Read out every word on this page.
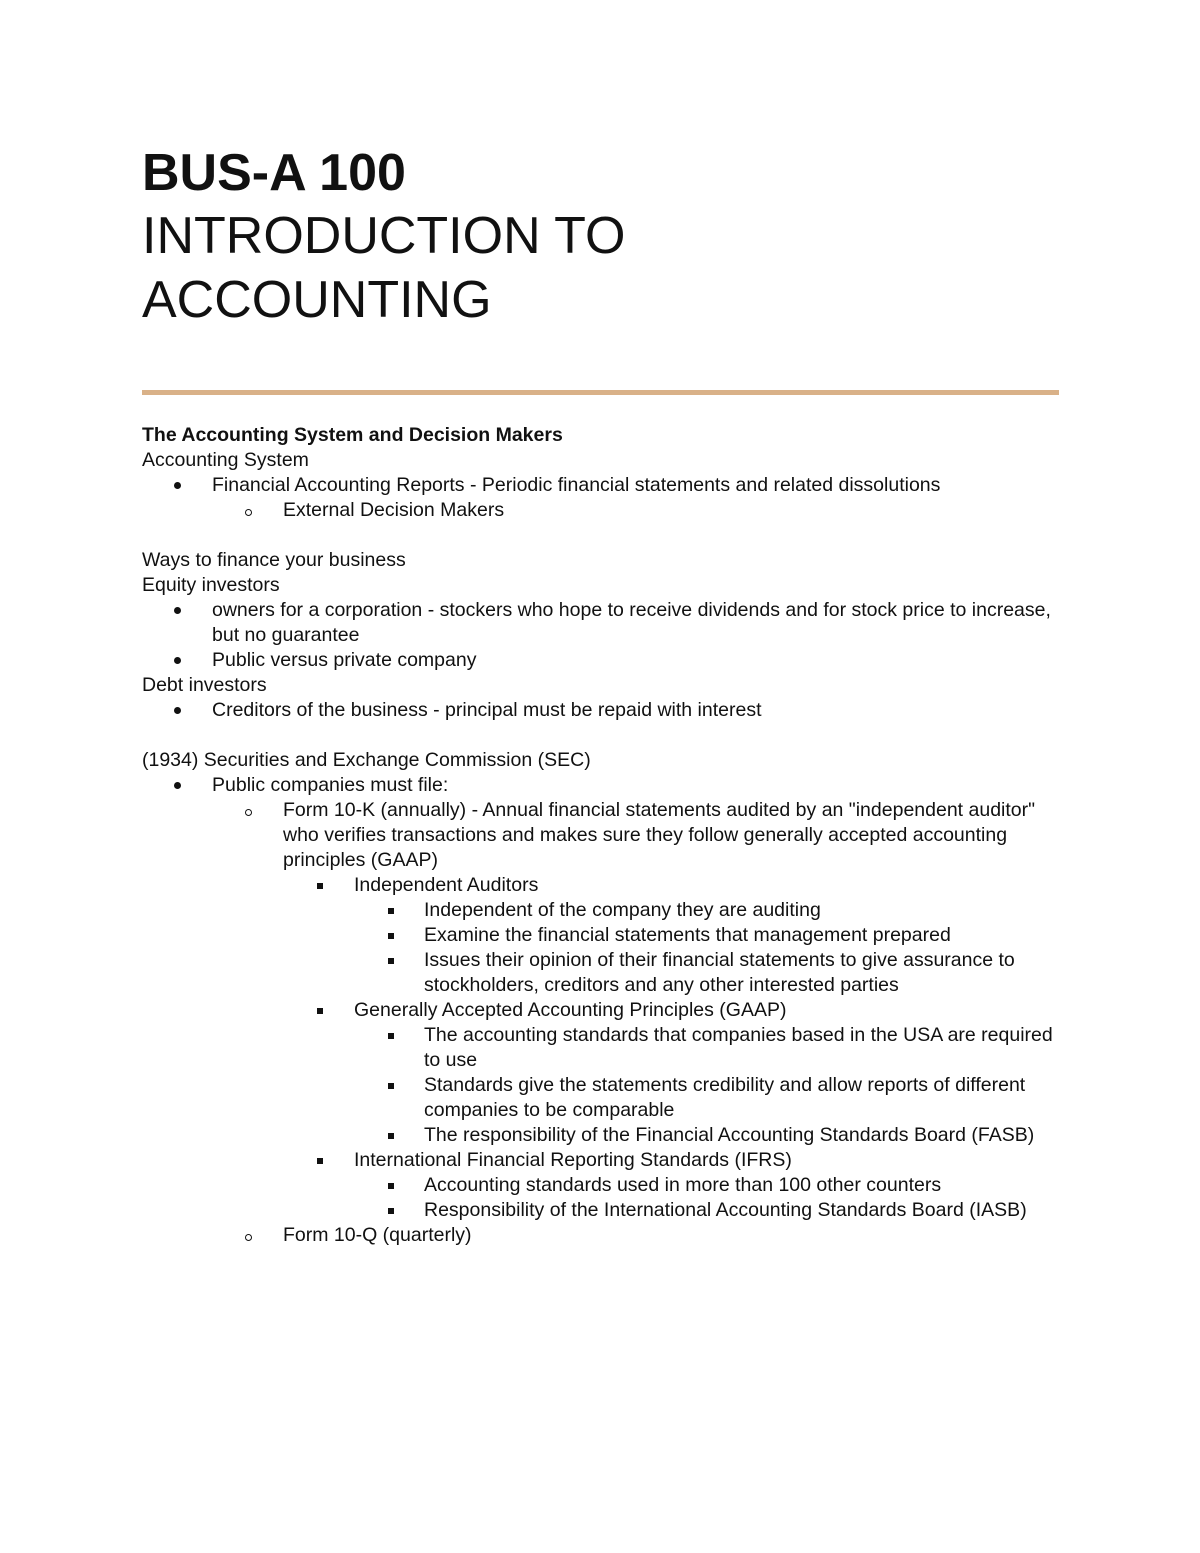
BUS-A 100
INTRODUCTION TO
ACCOUNTING

The Accounting System and Decision Makers

Accounting System

Financial Accounting Reports - Periodic financial statements and related dissolutions
External Decision Makers

Ways to finance your business

Equity investors

owners for a corporation - stockers who hope to receive dividends and for stock price to increase, but no guarantee
Public versus private company

Debt investors

Creditors of the business - principal must be repaid with interest

(1934) Securities and Exchange Commission (SEC)

Public companies must file:
Form 10-K (annually) - Annual financial statements audited by an "independent auditor" who verifies transactions and makes sure they follow generally accepted accounting principles (GAAP)
Independent Auditors
Independent of the company they are auditing
Examine the financial statements that management prepared
Issues their opinion of their financial statements to give assurance to stockholders, creditors and any other interested parties
Generally Accepted Accounting Principles (GAAP)
The accounting standards that companies based in the USA are required to use
Standards give the statements credibility and allow reports of different companies to be comparable
The responsibility of the Financial Accounting Standards Board (FASB)
International Financial Reporting Standards (IFRS)
Accounting standards used in more than 100 other counters
Responsibility of the International Accounting Standards Board (IASB)
Form 10-Q (quarterly)
